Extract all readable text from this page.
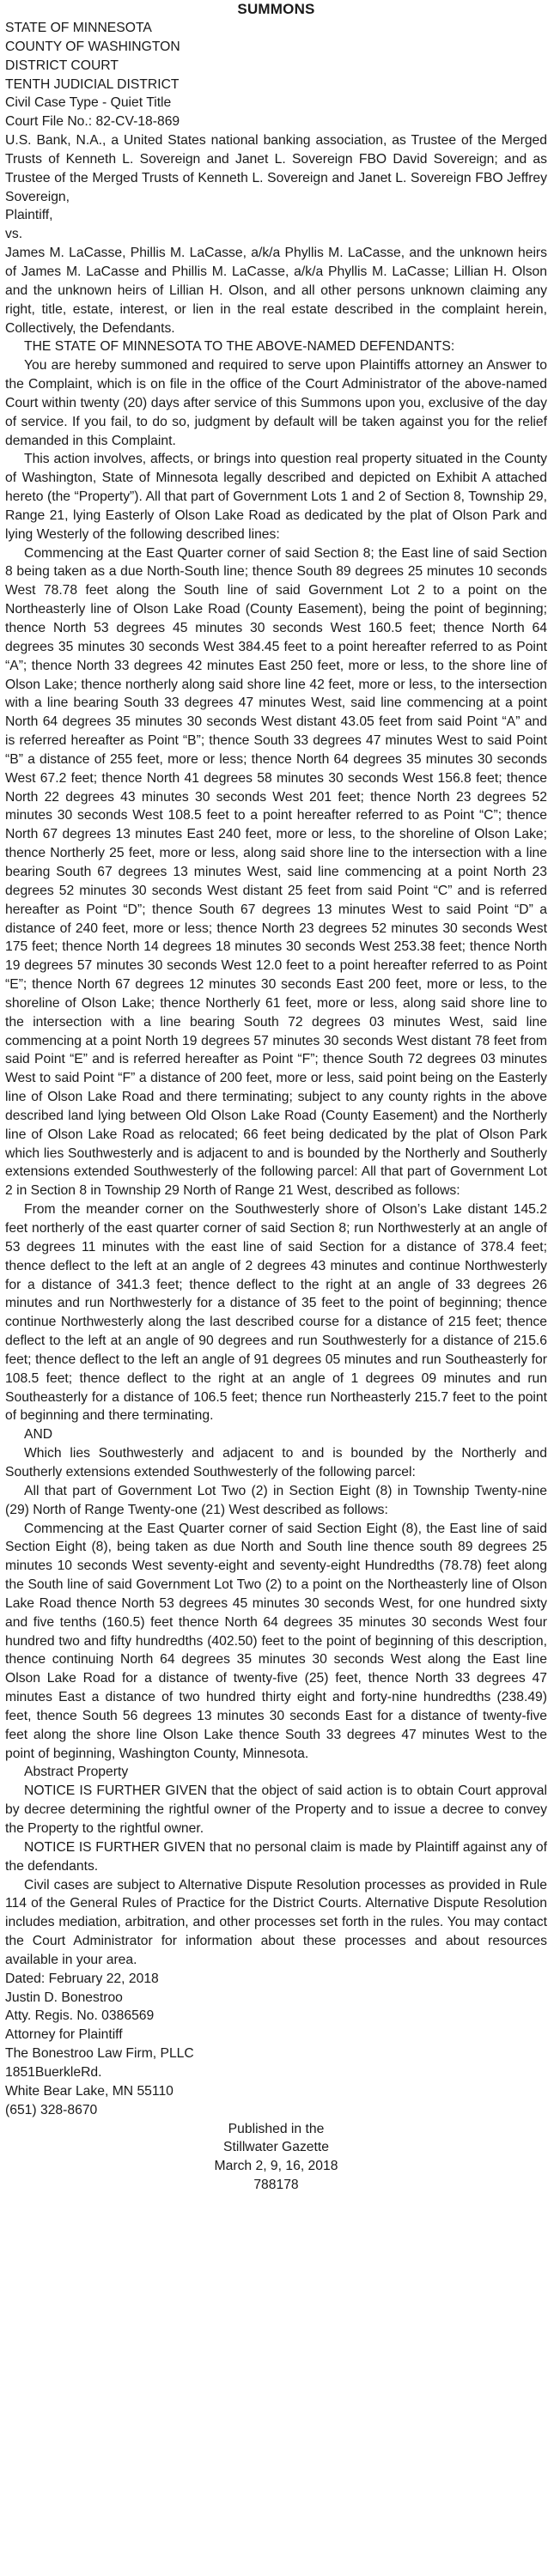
SUMMONS
STATE OF MINNESOTA
COUNTY OF WASHINGTON
DISTRICT COURT
TENTH JUDICIAL DISTRICT
Civil Case Type - Quiet Title
Court File No.: 82-CV-18-869
U.S. Bank, N.A., a United States national banking association, as Trustee of the Merged Trusts of Kenneth L. Sovereign and Janet L. Sovereign FBO David Sovereign; and as Trustee of the Merged Trusts of Kenneth L. Sovereign and Janet L. Sovereign FBO Jeffrey Sovereign,
Plaintiff,
vs.
James M. LaCasse, Phillis M. LaCasse, a/k/a Phyllis M. LaCasse, and the unknown heirs of James M. LaCasse and Phillis M. LaCasse, a/k/a Phyllis M. LaCasse; Lillian H. Olson and the unknown heirs of Lillian H. Olson, and all other persons unknown claiming any right, title, estate, interest, or lien in the real estate described in the complaint herein, Collectively, the Defendants.
THE STATE OF MINNESOTA TO THE ABOVE-NAMED DEFENDANTS:
You are hereby summoned and required to serve upon Plaintiffs attorney an Answer to the Complaint, which is on file in the office of the Court Administrator of the above-named Court within twenty (20) days after service of this Summons upon you, exclusive of the day of service. If you fail, to do so, judgment by default will be taken against you for the relief demanded in this Complaint.
This action involves, affects, or brings into question real property situated in the County of Washington, State of Minnesota legally described and depicted on Exhibit A attached hereto (the “Property”). All that part of Government Lots 1 and 2 of Section 8, Township 29, Range 21, lying Easterly of Olson Lake Road as dedicated by the plat of Olson Park and lying Westerly of the following described lines:
Commencing at the East Quarter corner of said Section 8; the East line of said Section 8 being taken as a due North-South line; thence South 89 degrees 25 minutes 10 seconds West 78.78 feet along the South line of said Government Lot 2 to a point on the Northeasterly line of Olson Lake Road (County Easement), being the point of beginning; thence North 53 degrees 45 minutes 30 seconds West 160.5 feet; thence North 64 degrees 35 minutes 30 seconds West 384.45 feet to a point hereafter referred to as Point “A”; thence North 33 degrees 42 minutes East 250 feet, more or less, to the shore line of Olson Lake; thence northerly along said shore line 42 feet, more or less, to the intersection with a line bearing South 33 degrees 47 minutes West, said line commencing at a point North 64 degrees 35 minutes 30 seconds West distant 43.05 feet from said Point “A” and is referred hereafter as Point “B”; thence South 33 degrees 47 minutes West to said Point “B” a distance of 255 feet, more or less; thence North 64 degrees 35 minutes 30 seconds West 67.2 feet; thence North 41 degrees 58 minutes 30 seconds West 156.8 feet; thence North 22 degrees 43 minutes 30 seconds West 201 feet; thence North 23 degrees 52 minutes 30 seconds West 108.5 feet to a point hereafter referred to as Point “C”; thence North 67 degrees 13 minutes East 240 feet, more or less, to the shoreline of Olson Lake; thence Northerly 25 feet, more or less, along said shore line to the intersection with a line bearing South 67 degrees 13 minutes West, said line commencing at a point North 23 degrees 52 minutes 30 seconds West distant 25 feet from said Point “C” and is referred hereafter as Point “D”; thence South 67 degrees 13 minutes West to said Point “D” a distance of 240 feet, more or less; thence North 23 degrees 52 minutes 30 seconds West 175 feet; thence North 14 degrees 18 minutes 30 seconds West 253.38 feet; thence North 19 degrees 57 minutes 30 seconds West 12.0 feet to a point hereafter referred to as Point “E”; thence North 67 degrees 12 minutes 30 seconds East 200 feet, more or less, to the shoreline of Olson Lake; thence Northerly 61 feet, more or less, along said shore line to the intersection with a line bearing South 72 degrees 03 minutes West, said line commencing at a point North 19 degrees 57 minutes 30 seconds West distant 78 feet from said Point “E” and is referred hereafter as Point “F”; thence South 72 degrees 03 minutes West to said Point “F” a distance of 200 feet, more or less, said point being on the Easterly line of Olson Lake Road and there terminating; subject to any county rights in the above described land lying between Old Olson Lake Road (County Easement) and the Northerly line of Olson Lake Road as relocated; 66 feet being dedicated by the plat of Olson Park which lies Southwesterly and is adjacent to and is bounded by the Northerly and Southerly extensions extended Southwesterly of the following parcel: All that part of Government Lot 2 in Section 8 in Township 29 North of Range 21 West, described as follows:
From the meander corner on the Southwesterly shore of Olson’s Lake distant 145.2 feet northerly of the east quarter corner of said Section 8; run Northwesterly at an angle of 53 degrees 11 minutes with the east line of said Section for a distance of 378.4 feet; thence deflect to the left at an angle of 2 degrees 43 minutes and continue Northwesterly for a distance of 341.3 feet; thence deflect to the right at an angle of 33 degrees 26 minutes and run Northwesterly for a distance of 35 feet to the point of beginning; thence continue Northwesterly along the last described course for a distance of 215 feet; thence deflect to the left at an angle of 90 degrees and run Southwesterly for a distance of 215.6 feet; thence deflect to the left an angle of 91 degrees 05 minutes and run Southeasterly for 108.5 feet; thence deflect to the right at an angle of 1 degrees 09 minutes and run Southeasterly for a distance of 106.5 feet; thence run Northeasterly 215.7 feet to the point of beginning and there terminating.
AND
Which lies Southwesterly and adjacent to and is bounded by the Northerly and Southerly extensions extended Southwesterly of the following parcel:
All that part of Government Lot Two (2) in Section Eight (8) in Township Twenty-nine (29) North of Range Twenty-one (21) West described as follows:
Commencing at the East Quarter corner of said Section Eight (8), the East line of said Section Eight (8), being taken as due North and South line thence south 89 degrees 25 minutes 10 seconds West seventy-eight and seventy-eight Hundredths (78.78) feet along the South line of said Government Lot Two (2) to a point on the Northeasterly line of Olson Lake Road thence North 53 degrees 45 minutes 30 seconds West, for one hundred sixty and five tenths (160.5) feet thence North 64 degrees 35 minutes 30 seconds West four hundred two and fifty hundredths (402.50) feet to the point of beginning of this description, thence continuing North 64 degrees 35 minutes 30 seconds West along the East line Olson Lake Road for a distance of twenty-five (25) feet, thence North 33 degrees 47 minutes East a distance of two hundred thirty eight and forty-nine hundredths (238.49) feet, thence South 56 degrees 13 minutes 30 seconds East for a distance of twenty-five feet along the shore line Olson Lake thence South 33 degrees 47 minutes West to the point of beginning, Washington County, Minnesota.
Abstract Property
NOTICE IS FURTHER GIVEN that the object of said action is to obtain Court approval by decree determining the rightful owner of the Property and to issue a decree to convey the Property to the rightful owner.
NOTICE IS FURTHER GIVEN that no personal claim is made by Plaintiff against any of the defendants.
Civil cases are subject to Alternative Dispute Resolution processes as provided in Rule 114 of the General Rules of Practice for the District Courts. Alternative Dispute Resolution includes mediation, arbitration, and other processes set forth in the rules. You may contact the Court Administrator for information about these processes and about resources available in your area.
Dated: February 22, 2018
Justin D. Bonestroo
Atty. Regis. No. 0386569
Attorney for Plaintiff
The Bonestroo Law Firm, PLLC
1851BuerkleRd.
White Bear Lake, MN 55110
(651) 328-8670
Published in the
Stillwater Gazette
March 2, 9, 16, 2018
788178
